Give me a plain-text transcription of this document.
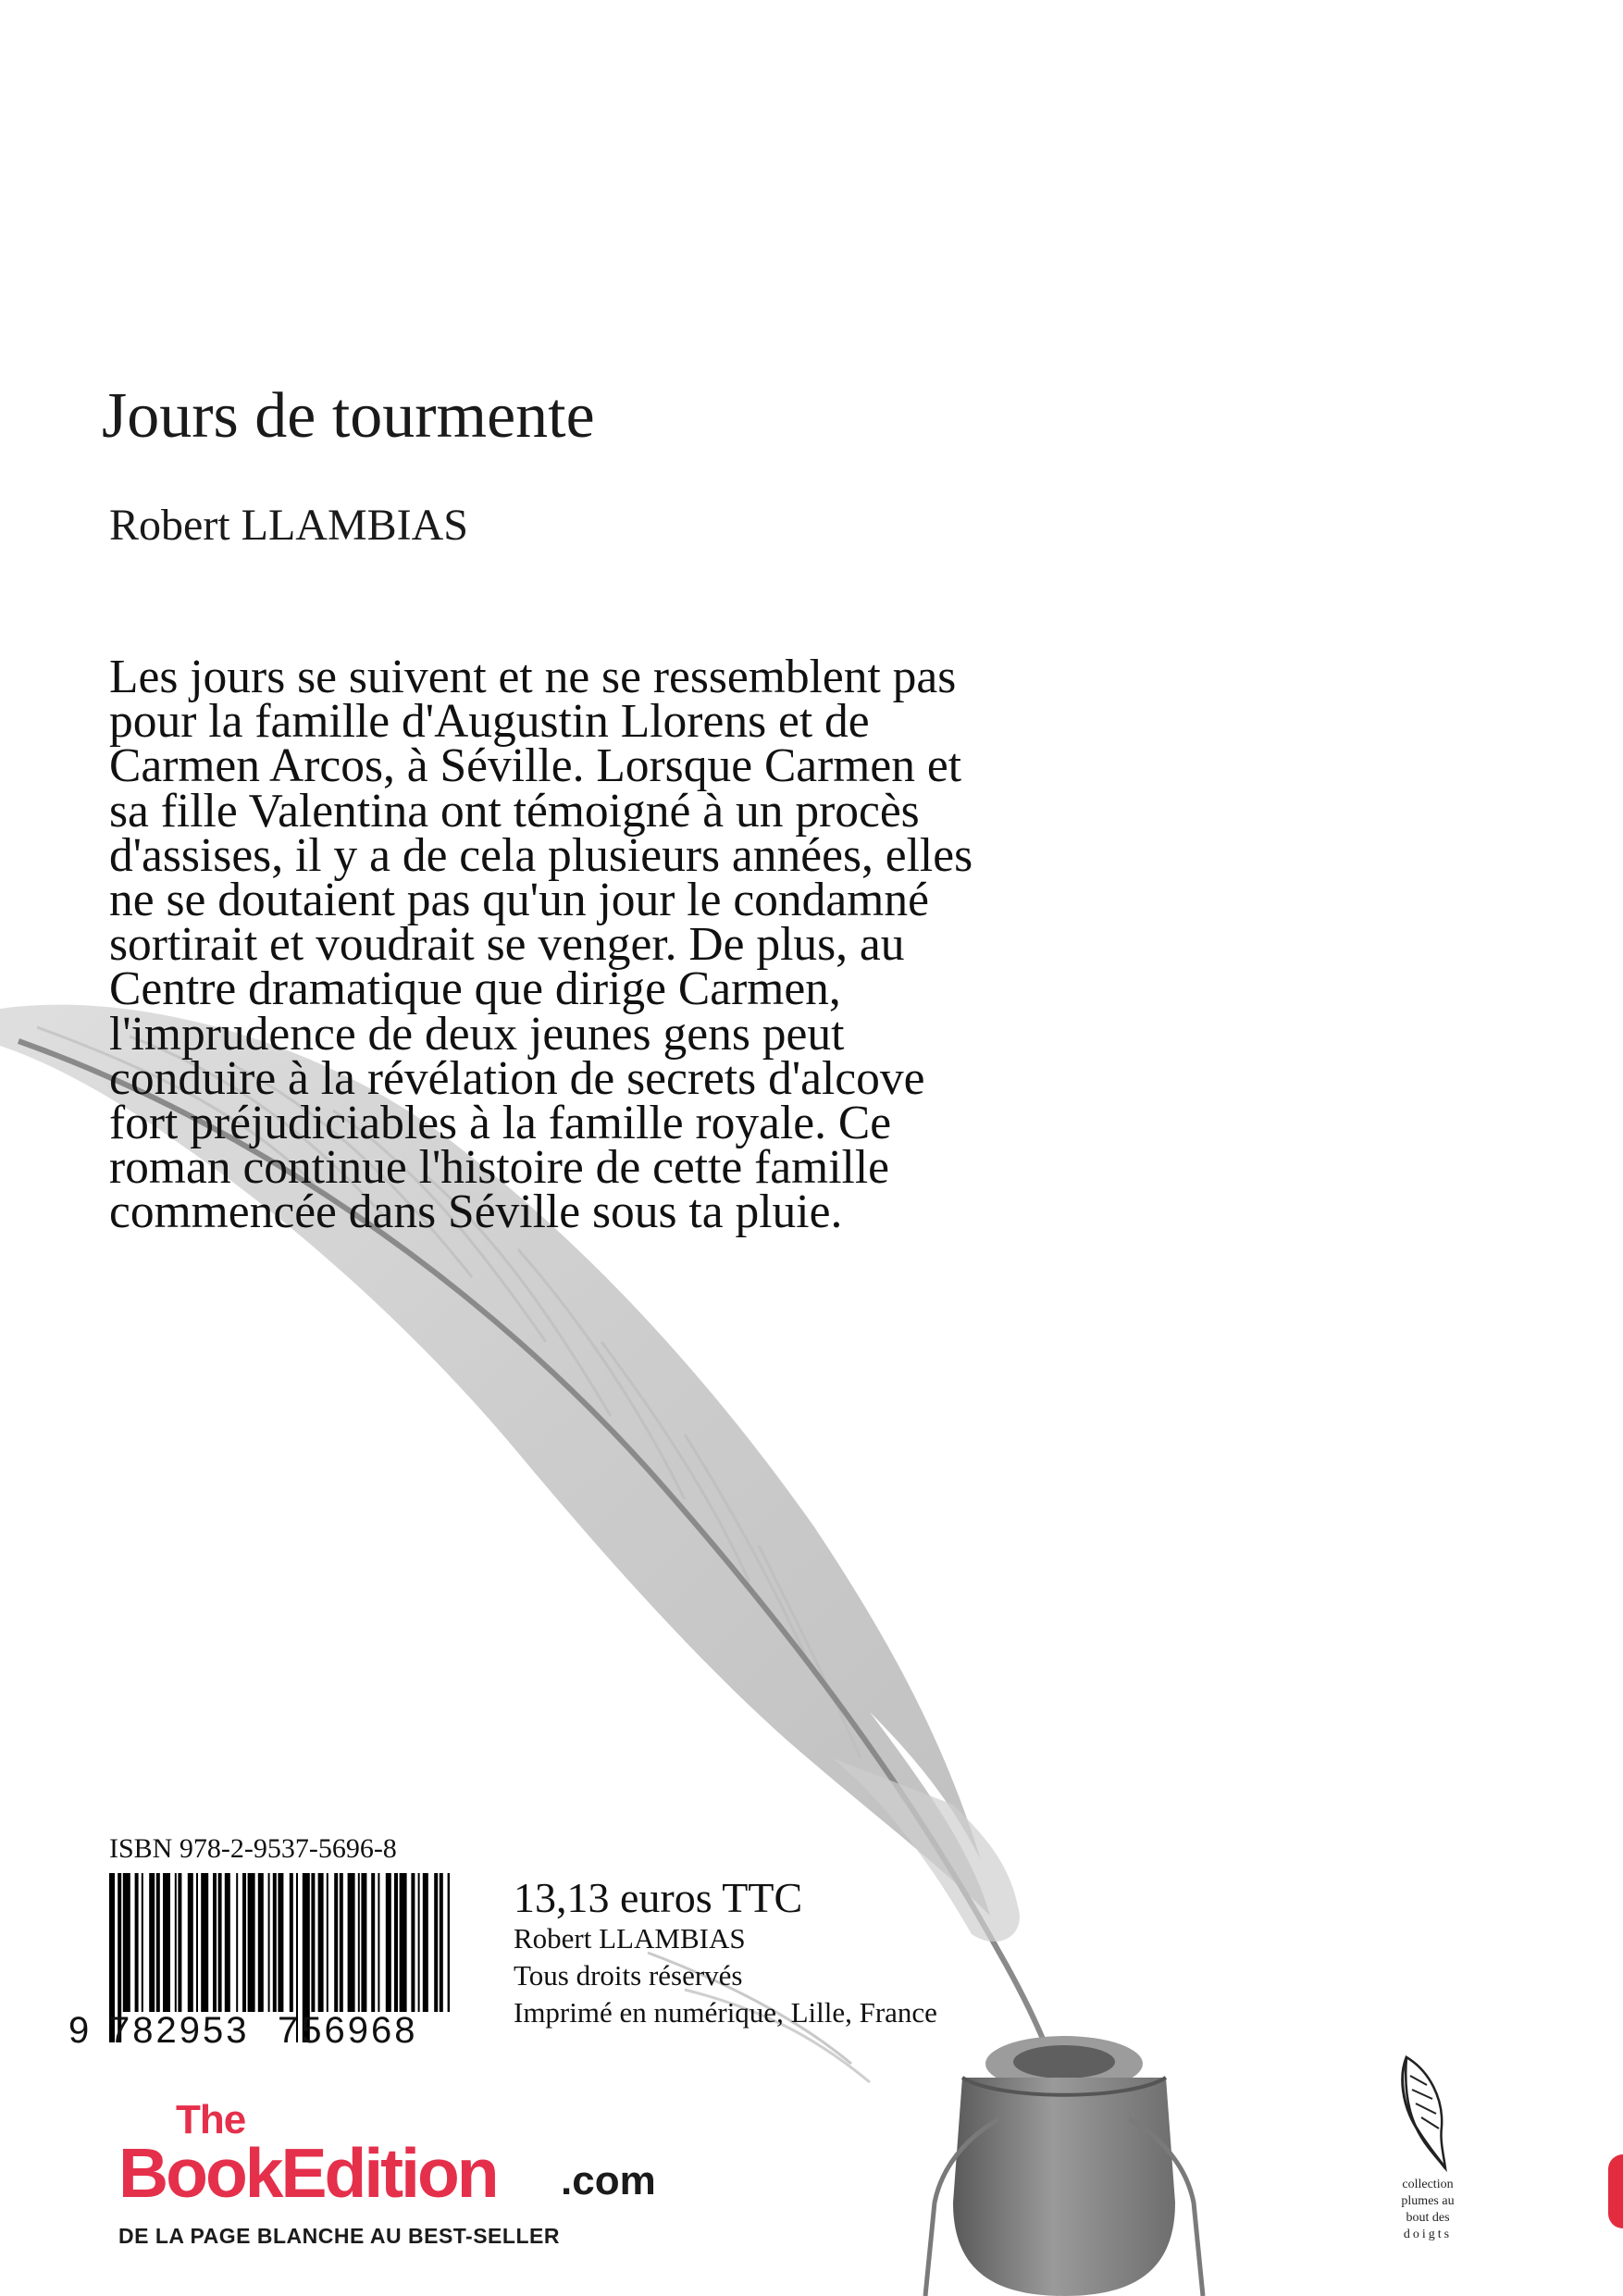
Jours de tourmente
Robert LLAMBIAS
Les jours se suivent et ne se ressemblent pas
pour la famille d'Augustin Llorens et de
Carmen Arcos, à Séville. Lorsque Carmen et
sa fille Valentina ont témoigné à un procès
d'assises, il y a de cela plusieurs années, elles
ne se doutaient pas qu'un jour le condamné
sortirait et voudrait se venger. De plus, au
Centre dramatique que dirige Carmen,
l'imprudence de deux jeunes gens peut
conduire à la révélation de secrets d'alcove
fort préjudiciables à la famille royale. Ce
roman continue l'histoire de cette famille
commencée dans Séville sous ta pluie.
ISBN 978-2-9537-5696-8
9 782953 756968
13,13 euros TTC
Robert LLAMBIAS
Tous droits réservés
Imprimé en numérique, Lille, France
The
BookEdition .com
DE LA PAGE BLANCHE AU BEST-SELLER
collection
plumes au
bout des
doigts
